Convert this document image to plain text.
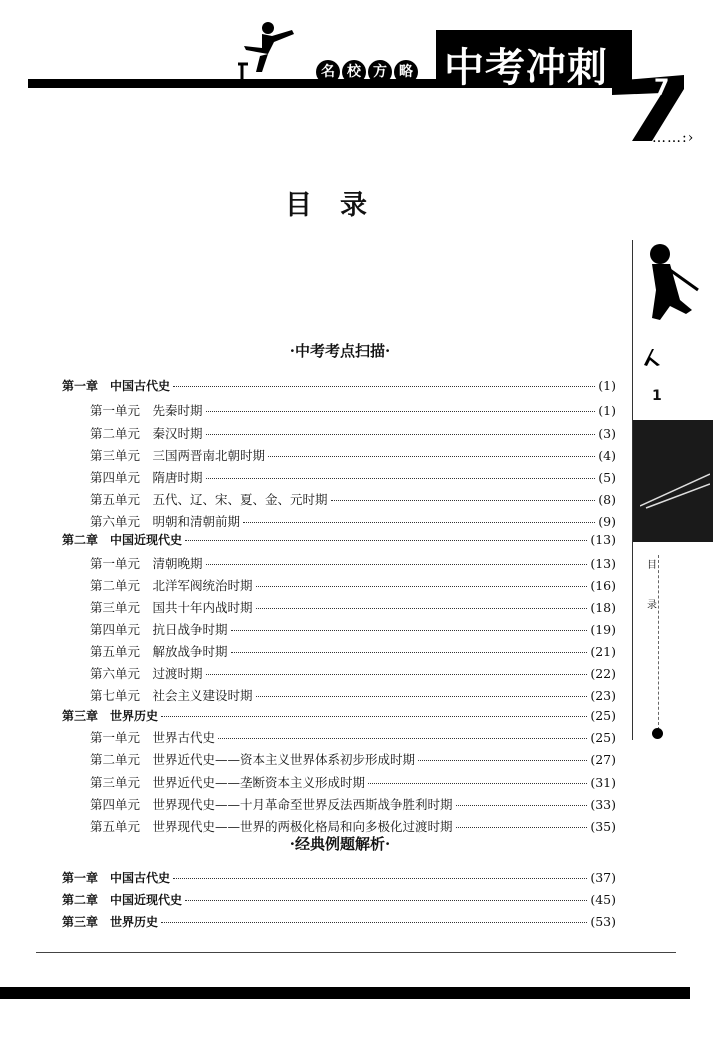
中考冲刺
名 校 方 略
7
……:›
1
目
录
目录
·中考考点扫描·
第一章　中国古代史	(1)
第一单元　先秦时期	(1)
第二单元　秦汉时期	(3)
第三单元　三国两晋南北朝时期	(4)
第四单元　隋唐时期	(5)
第五单元　五代、辽、宋、夏、金、元时期	(8)
第六单元　明朝和清朝前期	(9)
第二章　中国近现代史	(13)
第一单元　清朝晚期	(13)
第二单元　北洋军阀统治时期	(16)
第三单元　国共十年内战时期	(18)
第四单元　抗日战争时期	(19)
第五单元　解放战争时期	(21)
第六单元　过渡时期	(22)
第七单元　社会主义建设时期	(23)
第三章　世界历史	(25)
第一单元　世界古代史	(25)
第二单元　世界近代史——资本主义世界体系初步形成时期	(27)
第三单元　世界近代史——垄断资本主义形成时期	(31)
第四单元　世界现代史——十月革命至世界反法西斯战争胜利时期	(33)
第五单元　世界现代史——世界的两极化格局和向多极化过渡时期	(35)
·经典例题解析·
第一章　中国古代史	(37)
第二章　中国近现代史	(45)
第三章　世界历史	(53)
